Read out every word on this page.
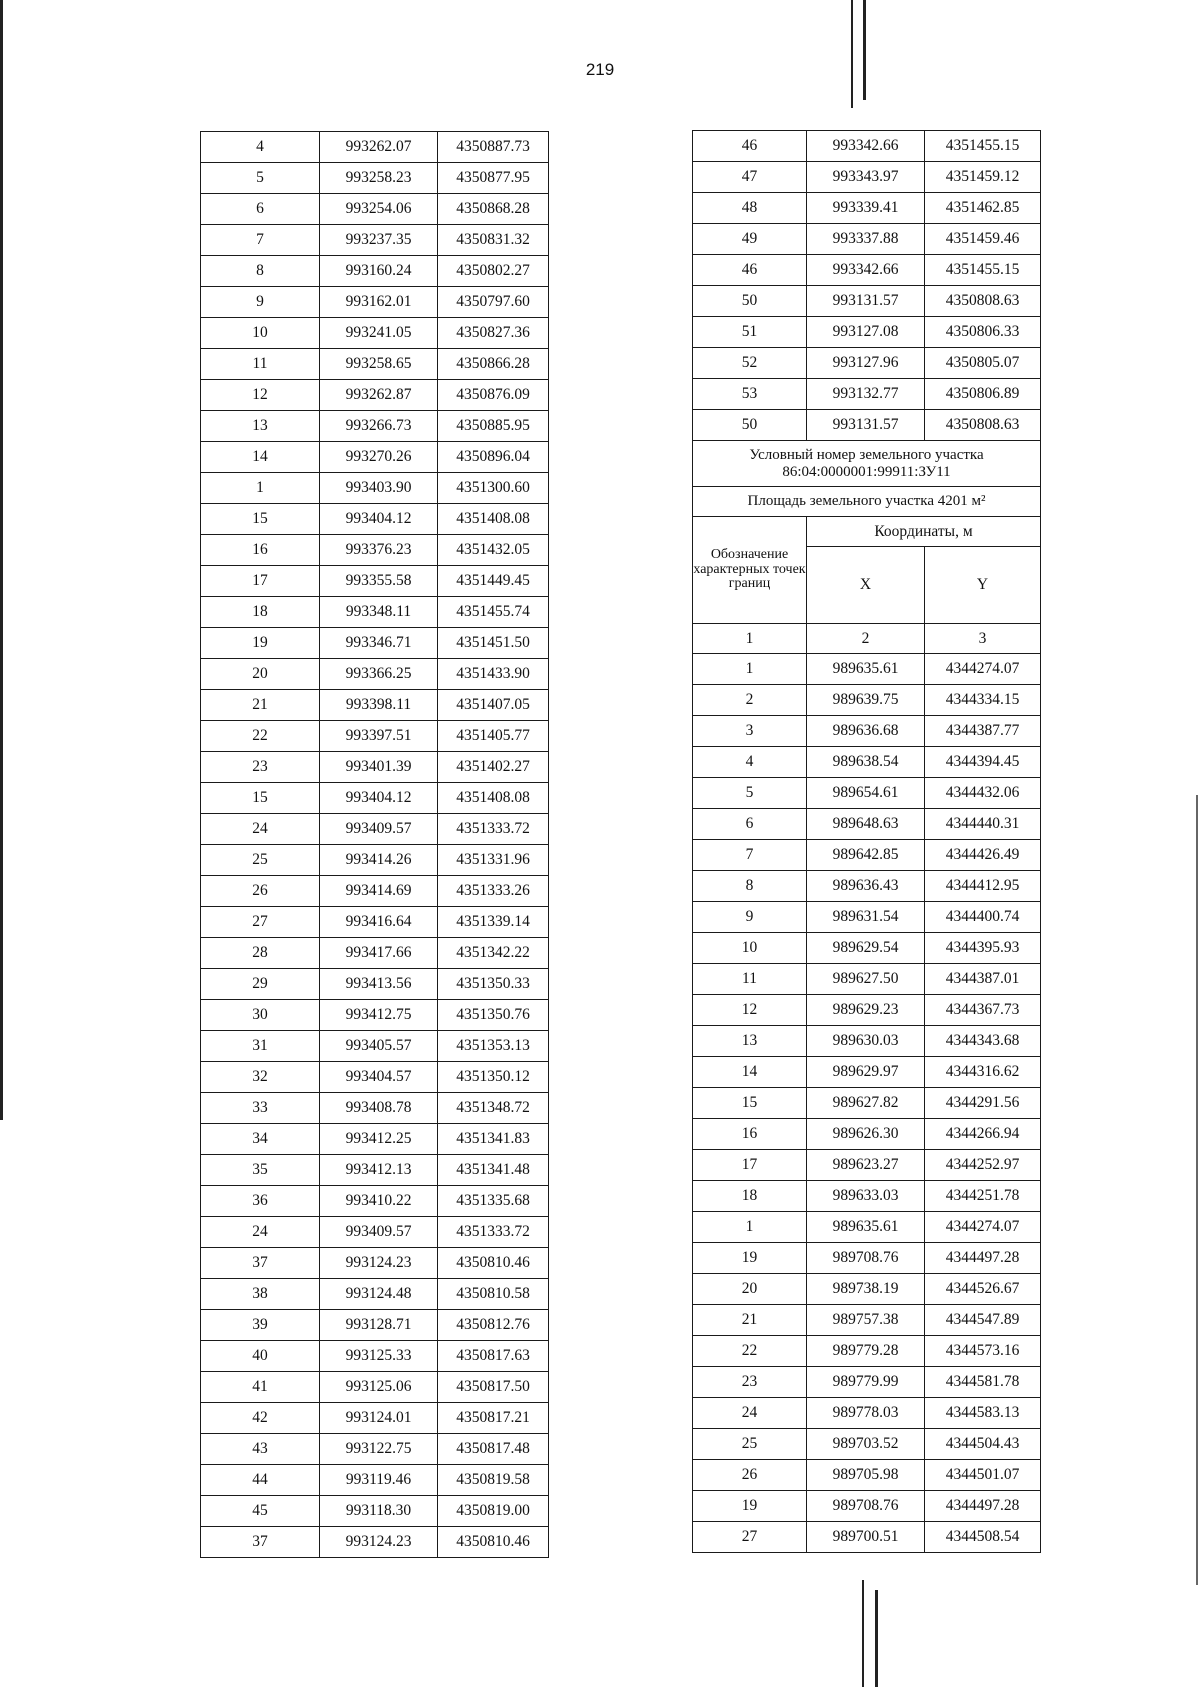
219
4	993262.07	4350887.73
5	993258.23	4350877.95
6	993254.06	4350868.28
7	993237.35	4350831.32
8	993160.24	4350802.27
9	993162.01	4350797.60
10	993241.05	4350827.36
11	993258.65	4350866.28
12	993262.87	4350876.09
13	993266.73	4350885.95
14	993270.26	4350896.04
1	993403.90	4351300.60
15	993404.12	4351408.08
16	993376.23	4351432.05
17	993355.58	4351449.45
18	993348.11	4351455.74
19	993346.71	4351451.50
20	993366.25	4351433.90
21	993398.11	4351407.05
22	993397.51	4351405.77
23	993401.39	4351402.27
15	993404.12	4351408.08
24	993409.57	4351333.72
25	993414.26	4351331.96
26	993414.69	4351333.26
27	993416.64	4351339.14
28	993417.66	4351342.22
29	993413.56	4351350.33
30	993412.75	4351350.76
31	993405.57	4351353.13
32	993404.57	4351350.12
33	993408.78	4351348.72
34	993412.25	4351341.83
35	993412.13	4351341.48
36	993410.22	4351335.68
24	993409.57	4351333.72
37	993124.23	4350810.46
38	993124.48	4350810.58
39	993128.71	4350812.76
40	993125.33	4350817.63
41	993125.06	4350817.50
42	993124.01	4350817.21
43	993122.75	4350817.48
44	993119.46	4350819.58
45	993118.30	4350819.00
37	993124.23	4350810.46
46	993342.66	4351455.15
47	993343.97	4351459.12
48	993339.41	4351462.85
49	993337.88	4351459.46
46	993342.66	4351455.15
50	993131.57	4350808.63
51	993127.08	4350806.33
52	993127.96	4350805.07
53	993132.77	4350806.89
50	993131.57	4350808.63
Условный номер земельного участка
86:04:0000001:99911:ЗУ11		
Площадь земельного участка 4201 м²		
Обозначение характерных точек границ	Координаты, м	
	X	Y
1	2	3
1	989635.61	4344274.07
2	989639.75	4344334.15
3	989636.68	4344387.77
4	989638.54	4344394.45
5	989654.61	4344432.06
6	989648.63	4344440.31
7	989642.85	4344426.49
8	989636.43	4344412.95
9	989631.54	4344400.74
10	989629.54	4344395.93
11	989627.50	4344387.01
12	989629.23	4344367.73
13	989630.03	4344343.68
14	989629.97	4344316.62
15	989627.82	4344291.56
16	989626.30	4344266.94
17	989623.27	4344252.97
18	989633.03	4344251.78
1	989635.61	4344274.07
19	989708.76	4344497.28
20	989738.19	4344526.67
21	989757.38	4344547.89
22	989779.28	4344573.16
23	989779.99	4344581.78
24	989778.03	4344583.13
25	989703.52	4344504.43
26	989705.98	4344501.07
19	989708.76	4344497.28
27	989700.51	4344508.54
